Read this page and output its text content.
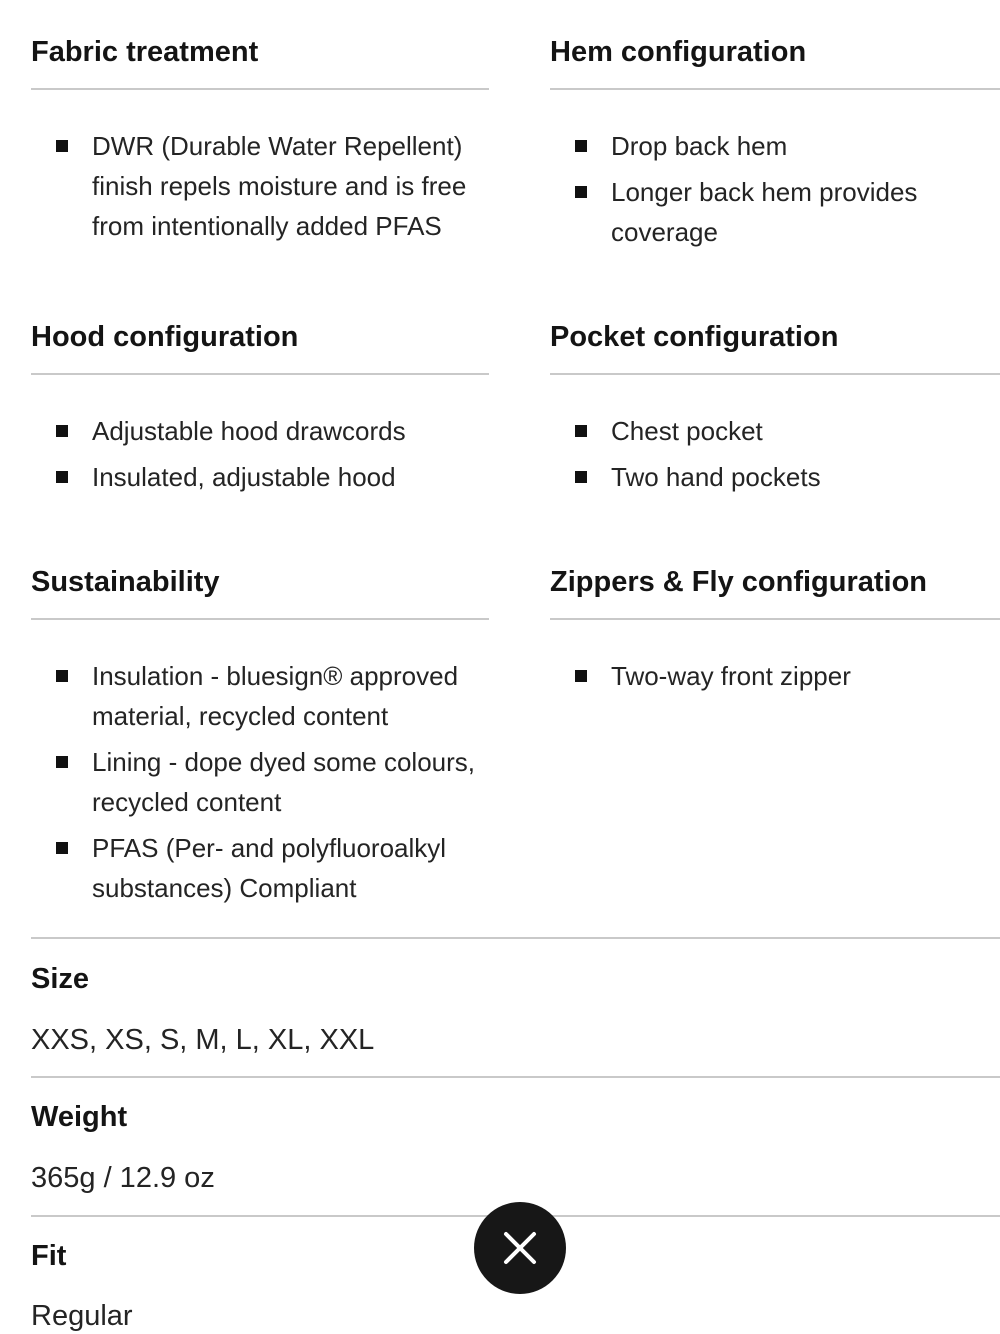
Fabric treatment
DWR (Durable Water Repellent) finish repels moisture and is free from intentionally added PFAS
Hem configuration
Drop back hem
Longer back hem provides coverage
Hood configuration
Adjustable hood drawcords
Insulated, adjustable hood
Pocket configuration
Chest pocket
Two hand pockets
Sustainability
Insulation - bluesign® approved material, recycled content
Lining - dope dyed some colours, recycled content
PFAS (Per- and polyfluoroalkyl substances) Compliant
Zippers & Fly configuration
Two-way front zipper
Size
XXS, XS, S, M, L, XL, XXL
Weight
365g / 12.9 oz
Fit
Regular
